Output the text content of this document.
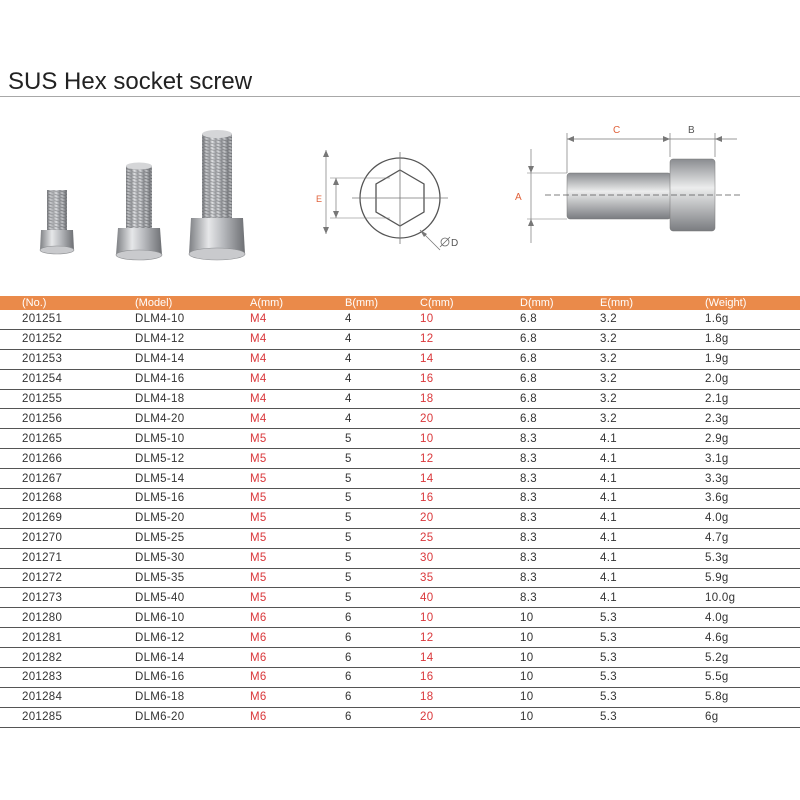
SUS Hex socket screw
E
D
C	B
A
(No.)	(Model)	A(mm)	B(mm)	C(mm)	D(mm)	E(mm)	(Weight)
201251	DLM4-10	M4	4	10	6.8	3.2	1.6g
201252	DLM4-12	M4	4	12	6.8	3.2	1.8g
201253	DLM4-14	M4	4	14	6.8	3.2	1.9g
201254	DLM4-16	M4	4	16	6.8	3.2	2.0g
201255	DLM4-18	M4	4	18	6.8	3.2	2.1g
201256	DLM4-20	M4	4	20	6.8	3.2	2.3g
201265	DLM5-10	M5	5	10	8.3	4.1	2.9g
201266	DLM5-12	M5	5	12	8.3	4.1	3.1g
201267	DLM5-14	M5	5	14	8.3	4.1	3.3g
201268	DLM5-16	M5	5	16	8.3	4.1	3.6g
201269	DLM5-20	M5	5	20	8.3	4.1	4.0g
201270	DLM5-25	M5	5	25	8.3	4.1	4.7g
201271	DLM5-30	M5	5	30	8.3	4.1	5.3g
201272	DLM5-35	M5	5	35	8.3	4.1	5.9g
201273	DLM5-40	M5	5	40	8.3	4.1	10.0g
201280	DLM6-10	M6	6	10	10	5.3	4.0g
201281	DLM6-12	M6	6	12	10	5.3	4.6g
201282	DLM6-14	M6	6	14	10	5.3	5.2g
201283	DLM6-16	M6	6	16	10	5.3	5.5g
201284	DLM6-18	M6	6	18	10	5.3	5.8g
201285	DLM6-20	M6	6	20	10	5.3	6g
